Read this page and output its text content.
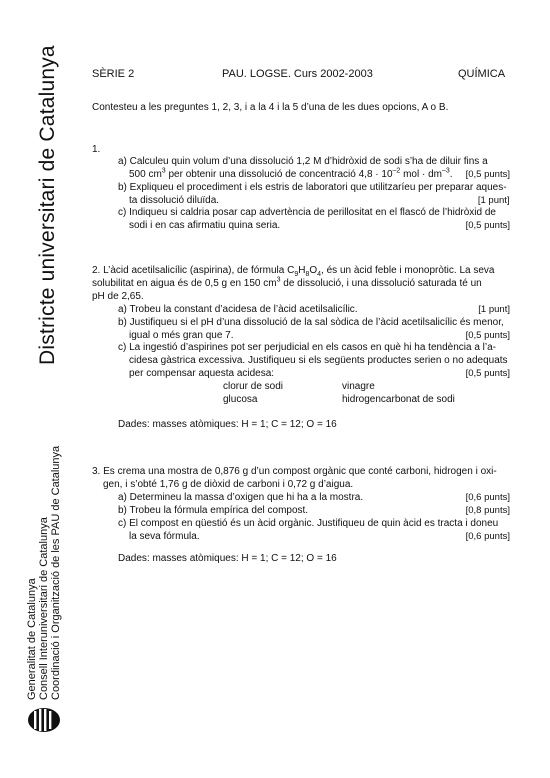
Districte universitari de Catalunya
Generalitat de Catalunya Consell Interuniversitari de Catalunya Coordinació i Organització de les PAU de Catalunya
SÈRIE 2	PAU. LOGSE. Curs 2002-2003	QUÍMICA
Contesteu a les preguntes 1, 2, 3, i a la 4 i la 5 d’una de les dues opcions, A o B.
1.
a) Calculeu quin volum d’una dissolució 1,2 M d’hidròxid de sodi s’ha de diluir fins a
500 $cm^3$ per obtenir una dissolució de concentració $4,8 \cdot 10^{-2}$ mol · $dm^{-3}$. [0,5 punts]
b) Expliqueu el procediment i els estris de laboratori que utilitzaríeu per preparar aques-
ta dissolució diluïda.	[1 punt]
c) Indiqueu si caldria posar cap advertència de perillositat en el flascó de l’hidròxid de
sodi i en cas afirmatiu quina seria.	[0,5 punts]
2. L’àcid acetilsalicílic (aspirina), de fórmula $C_9H_8O_4$, és un àcid feble i monopròtic. La seva
solubilitat en aigua és de 0,5 g en 150 $cm^3$ de dissolució, i una dissolució saturada té un
pH de 2,65.
a) Trobeu la constant d’acidesa de l’àcid acetilsalicílic.	[1 punt]
b) Justifiqueu si el pH d’una dissolució de la sal sòdica de l’àcid acetilsalicílic és menor,
igual o més gran que 7.	[0,5 punts]
c) La ingestió d’aspirines pot ser perjudicial en els casos en què hi ha tendència a l’a-
cidesa gàstrica excessiva. Justifiqueu si els següents productes serien o no adequats
per compensar aquesta acidesa:	[0,5 punts]
clorur de sodi	vinagre
glucosa	hidrogencarbonat de sodi
Dades: masses atòmiques: H = 1; C = 12; O = 16
3. Es crema una mostra de 0,876 g d’un compost orgànic que conté carboni, hidrogen i oxi-
gen, i s’obté 1,76 g de diòxid de carboni i 0,72 g d’aigua.
a) Determineu la massa d’oxigen que hi ha a la mostra.	[0,6 punts]
b) Trobeu la fórmula empírica del compost.	[0,8 punts]
c) El compost en qüestió és un àcid orgànic. Justifiqueu de quin àcid es tracta i doneu
la seva fórmula.	[0,6 punts]
Dades: masses atòmiques: H = 1; C = 12; O = 16
